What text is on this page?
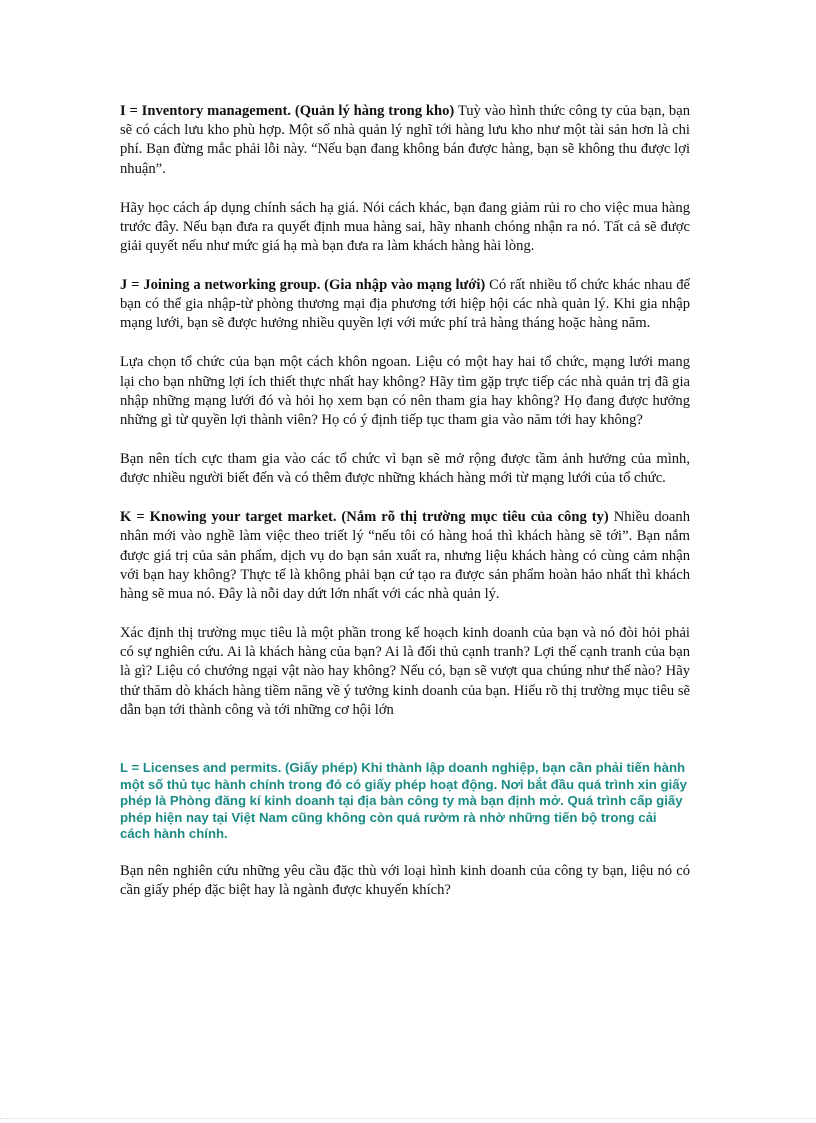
I = Inventory management. (Quản lý hàng trong kho) Tuỳ vào hình thức công ty của bạn, bạn sẽ có cách lưu kho phù hợp. Một số nhà quản lý nghĩ tới hàng lưu kho như một tài sản hơn là chi phí. Bạn đừng mắc phải lỗi này. “Nếu bạn đang không bán được hàng, bạn sẽ không thu được lợi nhuận”.

Hãy học cách áp dụng chính sách hạ giá. Nói cách khác, bạn đang giảm rủi ro cho việc mua hàng trước đây. Nếu bạn đưa ra quyết định mua hàng sai, hãy nhanh chóng nhận ra nó. Tất cả sẽ được giải quyết nếu như mức giá hạ mà bạn đưa ra làm khách hàng hài lòng.

J = Joining a networking group. (Gia nhập vào mạng lưới) Có rất nhiều tổ chức khác nhau để bạn có thể gia nhập-từ phòng thương mại địa phương tới hiệp hội các nhà quản lý. Khi gia nhập mạng lưới, bạn sẽ được hưởng nhiều quyền lợi với mức phí trả hàng tháng hoặc hàng năm.

Lựa chọn tổ chức của bạn một cách khôn ngoan. Liệu có một hay hai tổ chức, mạng lưới mang lại cho bạn những lợi ích thiết thực nhất hay không? Hãy tìm gặp trực tiếp các nhà quản trị đã gia nhập những mạng lưới đó và hỏi họ xem bạn có nên tham gia hay không? Họ đang được hưởng những gì từ quyền lợi thành viên? Họ có ý định tiếp tục tham gia vào năm tới hay không?

Bạn nên tích cực tham gia vào các tổ chức vì bạn sẽ mở rộng được tầm ảnh hưởng của mình, được nhiều người biết đến và có thêm được những khách hàng mới từ mạng lưới của tổ chức.

K = Knowing your target market. (Nắm rõ thị trường mục tiêu của công ty) Nhiều doanh nhân mới vào nghề làm việc theo triết lý “nếu tôi có hàng hoá thì khách hàng sẽ tới”. Bạn nắm được giá trị của sản phẩm, dịch vụ do bạn sản xuất ra, nhưng liệu khách hàng có cùng cảm nhận với bạn hay không? Thực tế là không phải bạn cứ tạo ra được sản phẩm hoàn hảo nhất thì khách hàng sẽ mua nó. Đây là nỗi day dứt lớn nhất với các nhà quản lý.

Xác định thị trường mục tiêu là một phần trong kế hoạch kinh doanh của bạn và nó đòi hỏi phải có sự nghiên cứu. Ai là khách hàng của bạn? Ai là đối thủ cạnh tranh? Lợi thế cạnh tranh của bạn là gì? Liệu có chướng ngại vật nào hay không? Nếu có, bạn sẽ vượt qua chúng như thế nào? Hãy thử thăm dò khách hàng tiềm năng về ý tưởng kinh doanh của bạn. Hiểu rõ thị trường mục tiêu sẽ dẫn bạn tới thành công và tới những cơ hội lớn

L = Licenses and permits. (Giấy phép) Khi thành lập doanh nghiệp, bạn cần phải tiến hành một số thủ tục hành chính trong đó có giấy phép hoạt động. Nơi bắt đầu quá trình xin giấy phép là Phòng đăng kí kinh doanh tại địa bàn công ty mà bạn định mở. Quá trình cấp giấy phép hiện nay tại Việt Nam cũng không còn quá rườm rà nhờ những tiến bộ trong cải cách hành chính.

Bạn nên nghiên cứu những yêu cầu đặc thù với loại hình kinh doanh của công ty bạn, liệu nó có cần giấy phép đặc biệt hay là ngành được khuyến khích?
